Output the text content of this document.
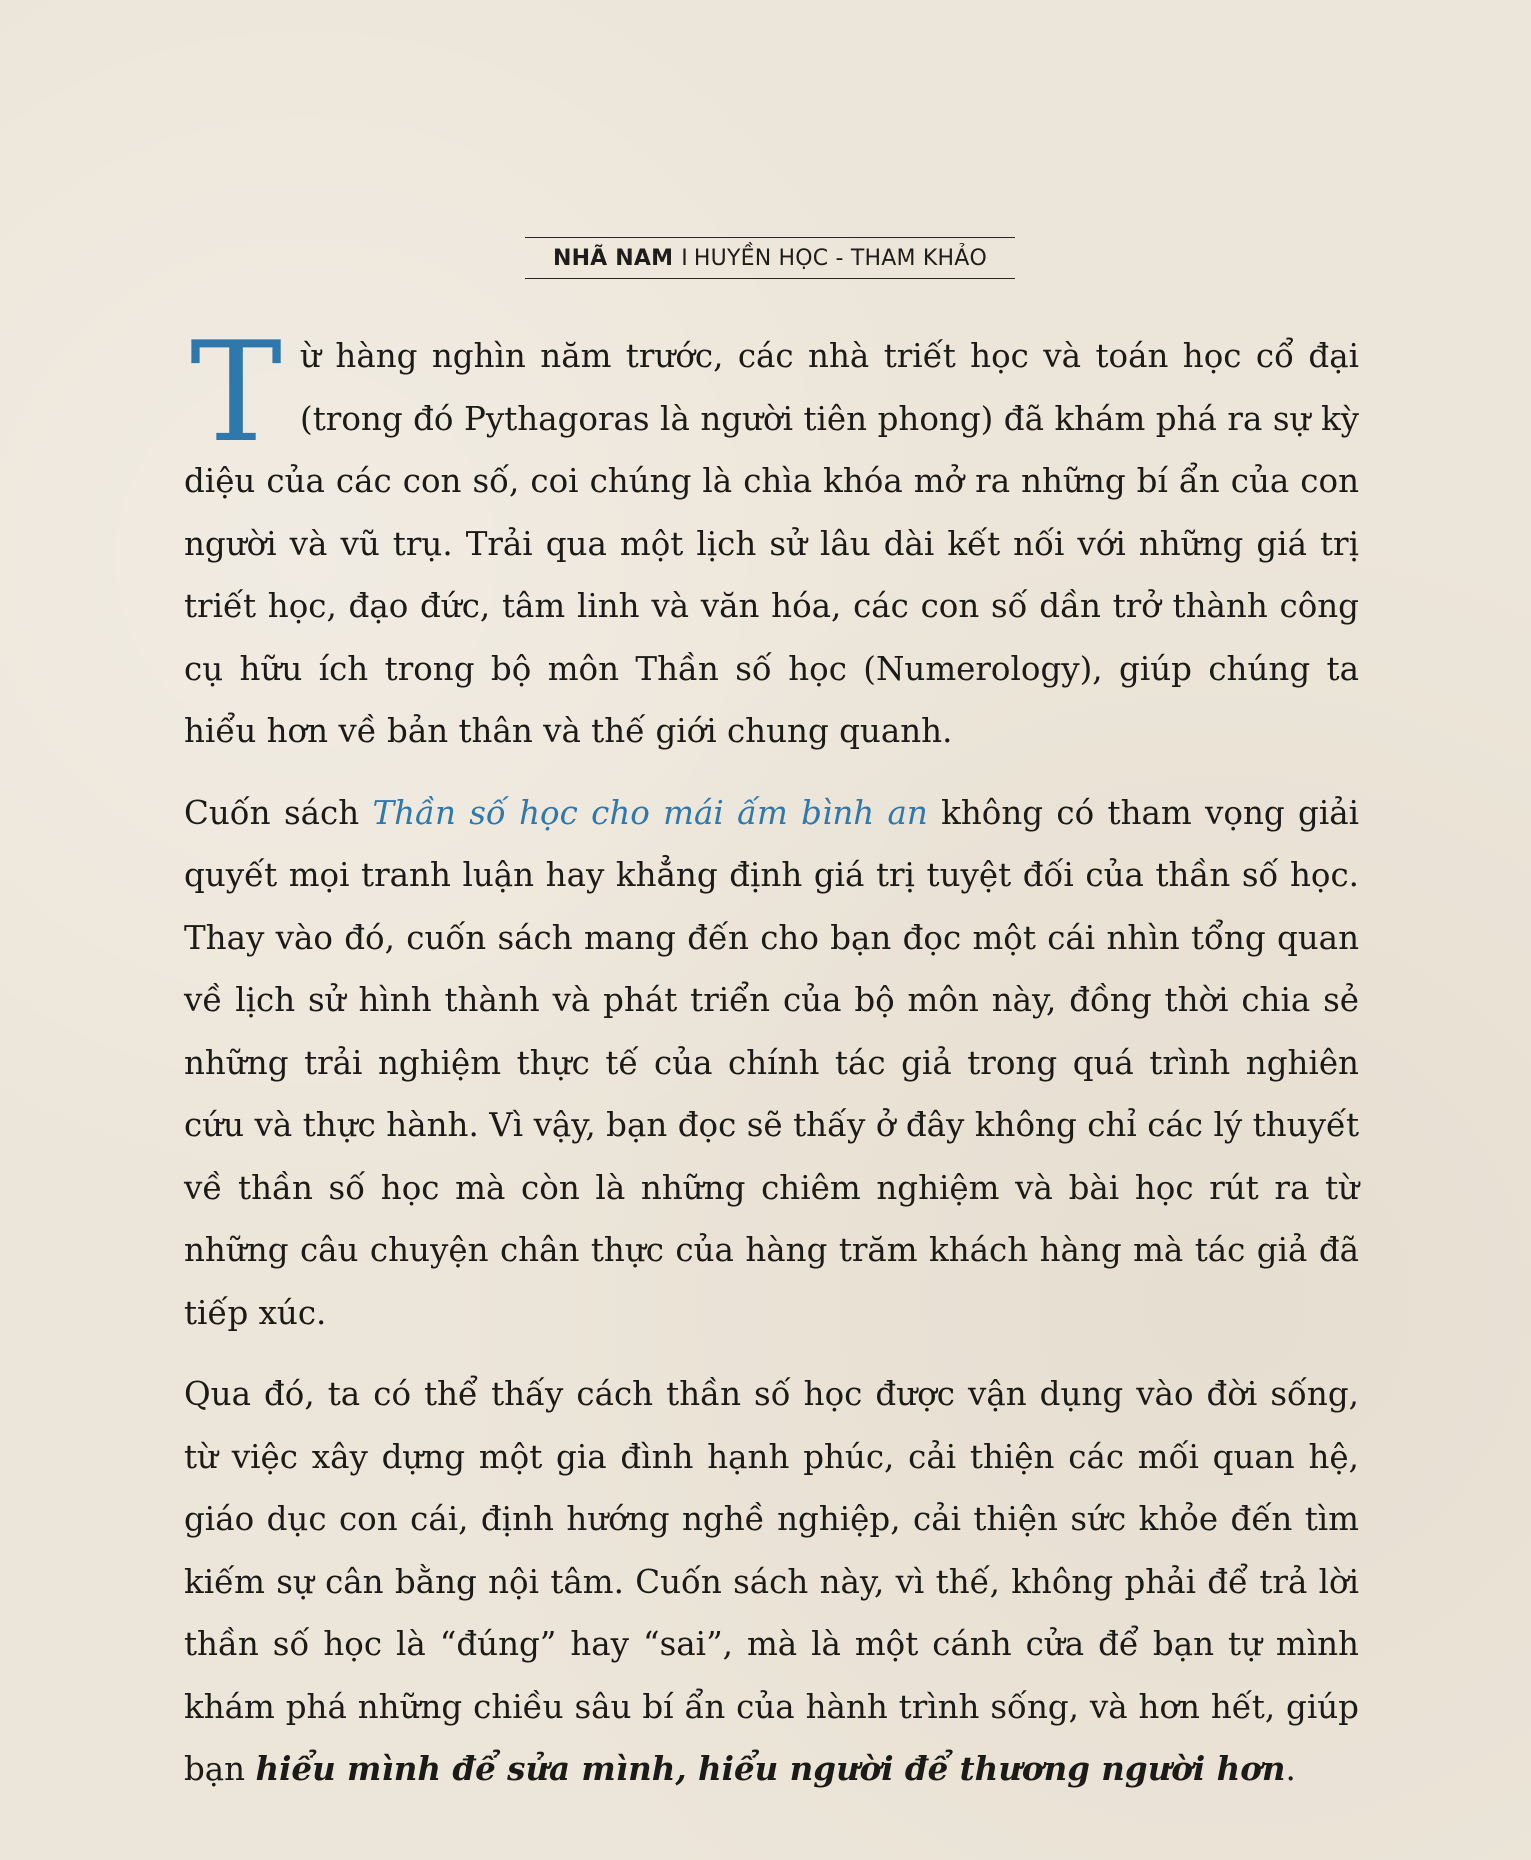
NHÃ NAM I HUYỀN HỌC - THAM KHẢO

Từ hàng nghìn năm trước, các nhà triết học và toán học cổ đại (trong đó Pythagoras là người tiên phong) đã khám phá ra sự kỳ diệu của các con số, coi chúng là chìa khóa mở ra những bí ẩn của con người và vũ trụ. Trải qua một lịch sử lâu dài kết nối với những giá trị triết học, đạo đức, tâm linh và văn hóa, các con số dần trở thành công cụ hữu ích trong bộ môn Thần số học (Numerology), giúp chúng ta hiểu hơn về bản thân và thế giới chung quanh.

Cuốn sách Thần số học cho mái ấm bình an không có tham vọng giải quyết mọi tranh luận hay khẳng định giá trị tuyệt đối của thần số học. Thay vào đó, cuốn sách mang đến cho bạn đọc một cái nhìn tổng quan về lịch sử hình thành và phát triển của bộ môn này, đồng thời chia sẻ những trải nghiệm thực tế của chính tác giả trong quá trình nghiên cứu và thực hành. Vì vậy, bạn đọc sẽ thấy ở đây không chỉ các lý thuyết về thần số học mà còn là những chiêm nghiệm và bài học rút ra từ những câu chuyện chân thực của hàng trăm khách hàng mà tác giả đã tiếp xúc.

Qua đó, ta có thể thấy cách thần số học được vận dụng vào đời sống, từ việc xây dựng một gia đình hạnh phúc, cải thiện các mối quan hệ, giáo dục con cái, định hướng nghề nghiệp, cải thiện sức khỏe đến tìm kiếm sự cân bằng nội tâm. Cuốn sách này, vì thế, không phải để trả lời thần số học là “đúng” hay “sai”, mà là một cánh cửa để bạn tự mình khám phá những chiều sâu bí ẩn của hành trình sống, và hơn hết, giúp bạn hiểu mình để sửa mình, hiểu người để thương người hơn.
